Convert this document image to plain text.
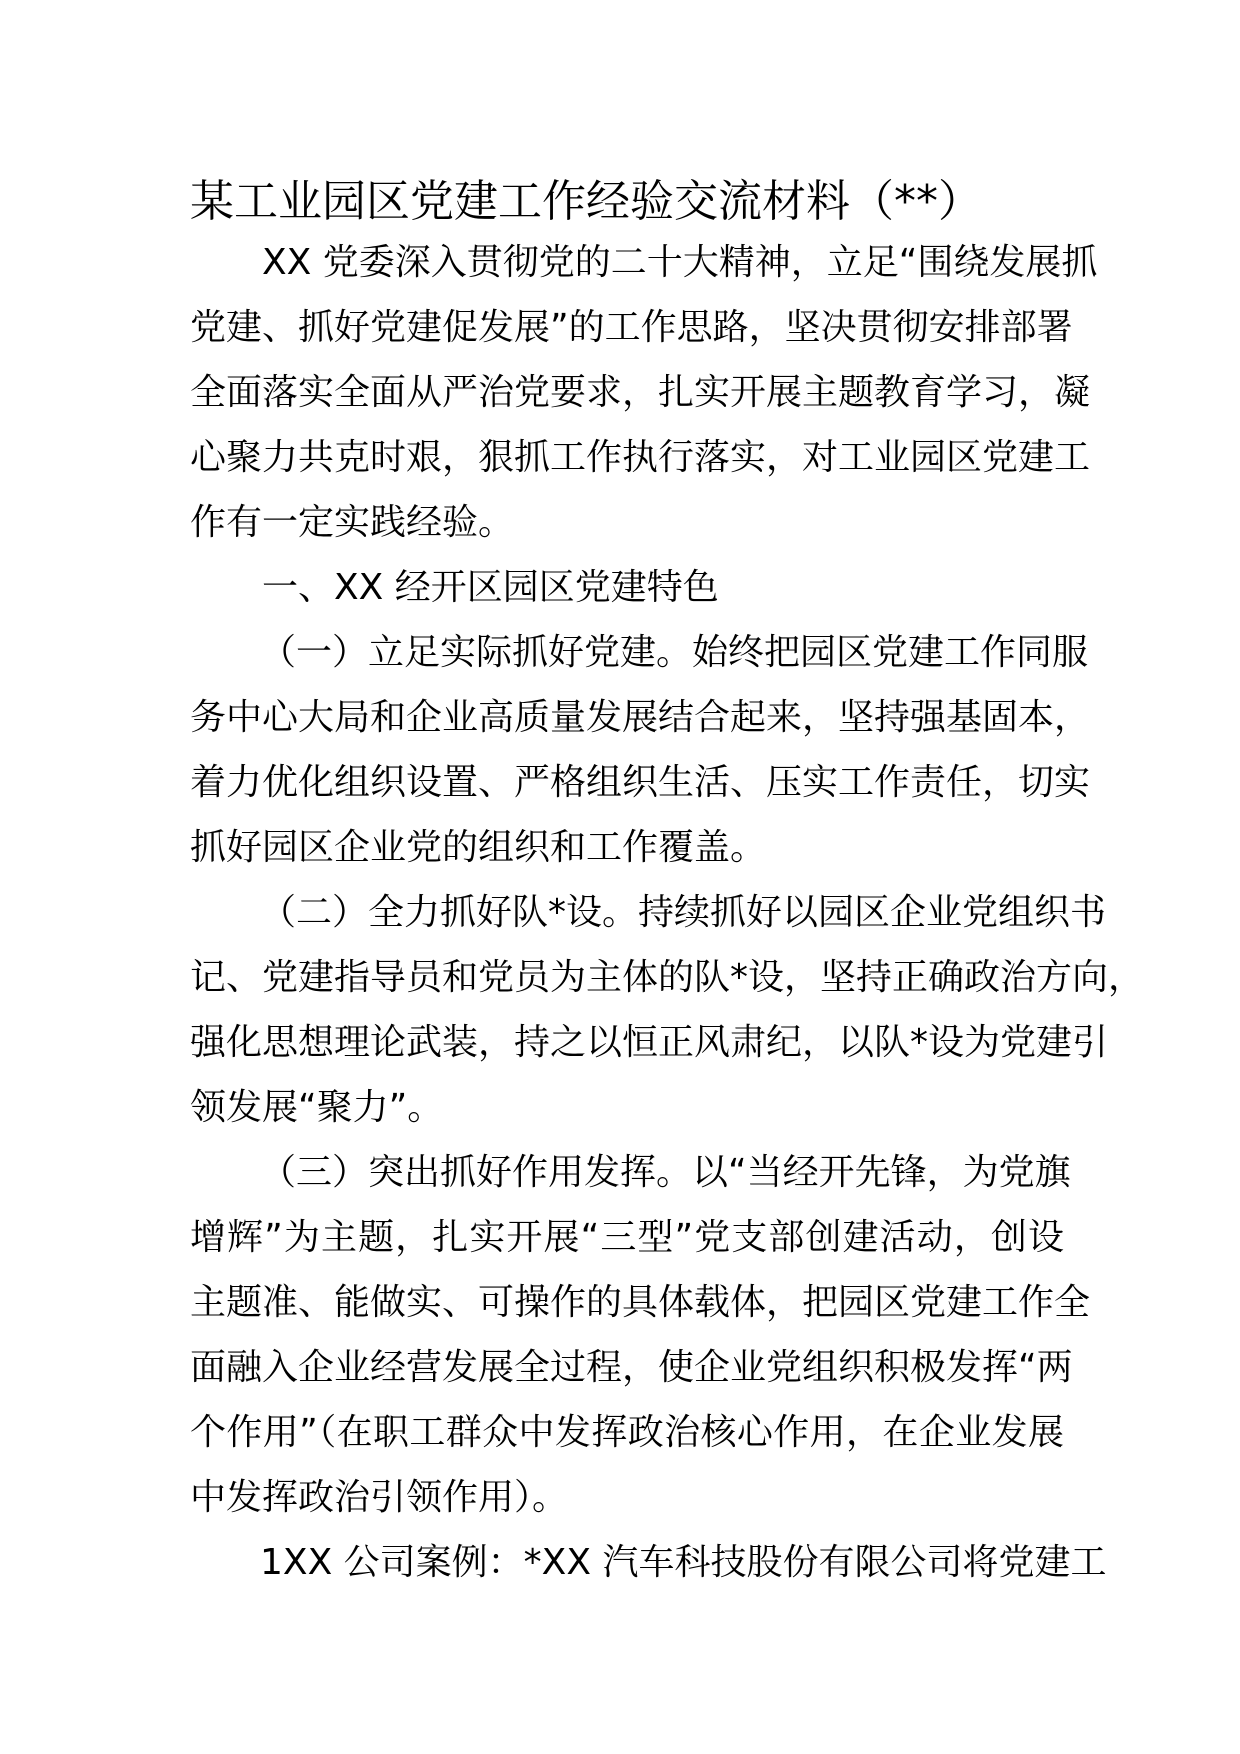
某工业园区党建工作经验交流材料（**）
XX 党委深入贯彻党的二十大精神，立足“围绕发展抓
党建、抓好党建促发展”的工作思路，坚决贯彻安排部署
全面落实全面从严治党要求，扎实开展主题教育学习，凝
心聚力共克时艰，狠抓工作执行落实，对工业园区党建工
作有一定实践经验。
一、XX 经开区园区党建特色
（一）立足实际抓好党建。始终把园区党建工作同服
务中心大局和企业高质量发展结合起来，坚持强基固本，
着力优化组织设置、严格组织生活、压实工作责任，切实
抓好园区企业党的组织和工作覆盖。
（二）全力抓好队*设。持续抓好以园区企业党组织书
记、党建指导员和党员为主体的队*设，坚持正确政治方向，
强化思想理论武装，持之以恒正风肃纪，以队*设为党建引
领发展“聚力”。
（三）突出抓好作用发挥。以“当经开先锋，为党旗
增辉”为主题，扎实开展“三型”党支部创建活动，创设
主题准、能做实、可操作的具体载体，把园区党建工作全
面融入企业经营发展全过程，使企业党组织积极发挥“两
个作用”（在职工群众中发挥政治核心作用，在企业发展
中发挥政治引领作用）。
1XX 公司案例：*XX 汽车科技股份有限公司将党建工
